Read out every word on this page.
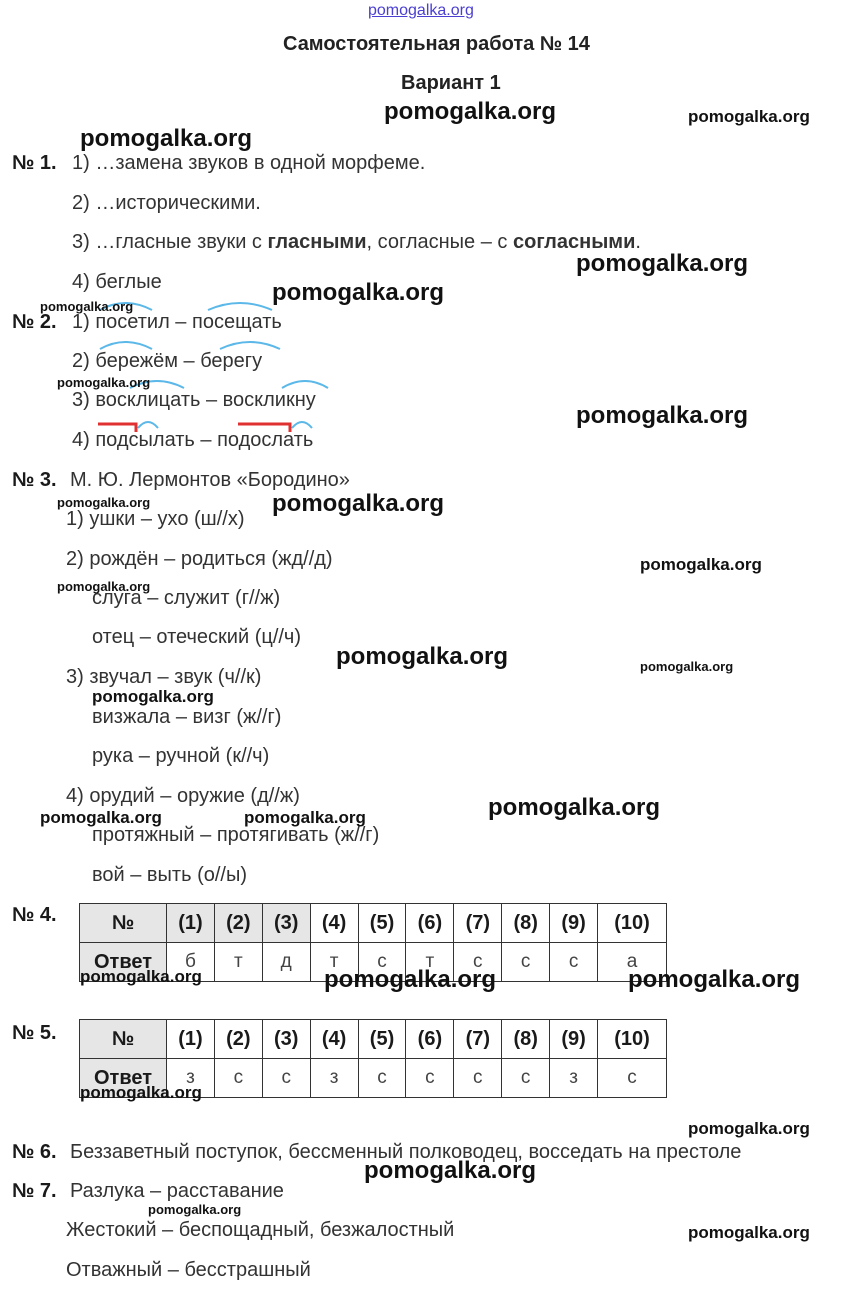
pomogalka.org
Самостоятельная работа № 14
Вариант 1
№ 1. 1) …замена звуков в одной морфеме.
2) …историческими.
3) …гласные звуки с гласными, согласные – с согласными.
4) беглые
№ 2. 1) посетил – посещать
2) бережём – берегу
3) восклицать – воскликну
4) подсылать – подослать
№ 3. М. Ю. Лермонтов «Бородино»
1) ушки – ухо (ш//х)
2) рождён – родиться (жд//д)
слуга – служит (г//ж)
отец – отеческий (ц//ч)
3) звучал – звук (ч//к)
визжала – визг (ж//г)
рука – ручной (к//ч)
4) орудий – оружие (д//ж)
протяжный – протягивать (ж//г)
вой – выть (о//ы)
№ 4.	№	(1)	(2)	(3)	(4)	(5)	(6)	(7)	(8)	(9)	(10)
Ответ	б	т	д	т	с	т	с	с	с	а
№ 5.	№	(1)	(2)	(3)	(4)	(5)	(6)	(7)	(8)	(9)	(10)
Ответ	з	с	с	з	с	с	с	с	з	с
№ 6. Беззаветный поступок, бессменный полководец, восседать на престоле
№ 7. Разлука – расставание
Жестокий – беспощадный, безжалостный
Отважный – бесстрашный
pomogalka.org	pomogalka.org
pomogalka.org
pomogalka.org
pomogalka.org
pomogalka.org
pomogalka.org
pomogalka.org
pomogalka.org	pomogalka.org
pomogalka.org
pomogalka.org
pomogalka.org	pomogalka.org
pomogalka.org
pomogalka.org
pomogalka.org	pomogalka.org
pomogalka.org	pomogalka.org	pomogalka.org
pomogalka.org
pomogalka.org
pomogalka.org
pomogalka.org
pomogalka.org
